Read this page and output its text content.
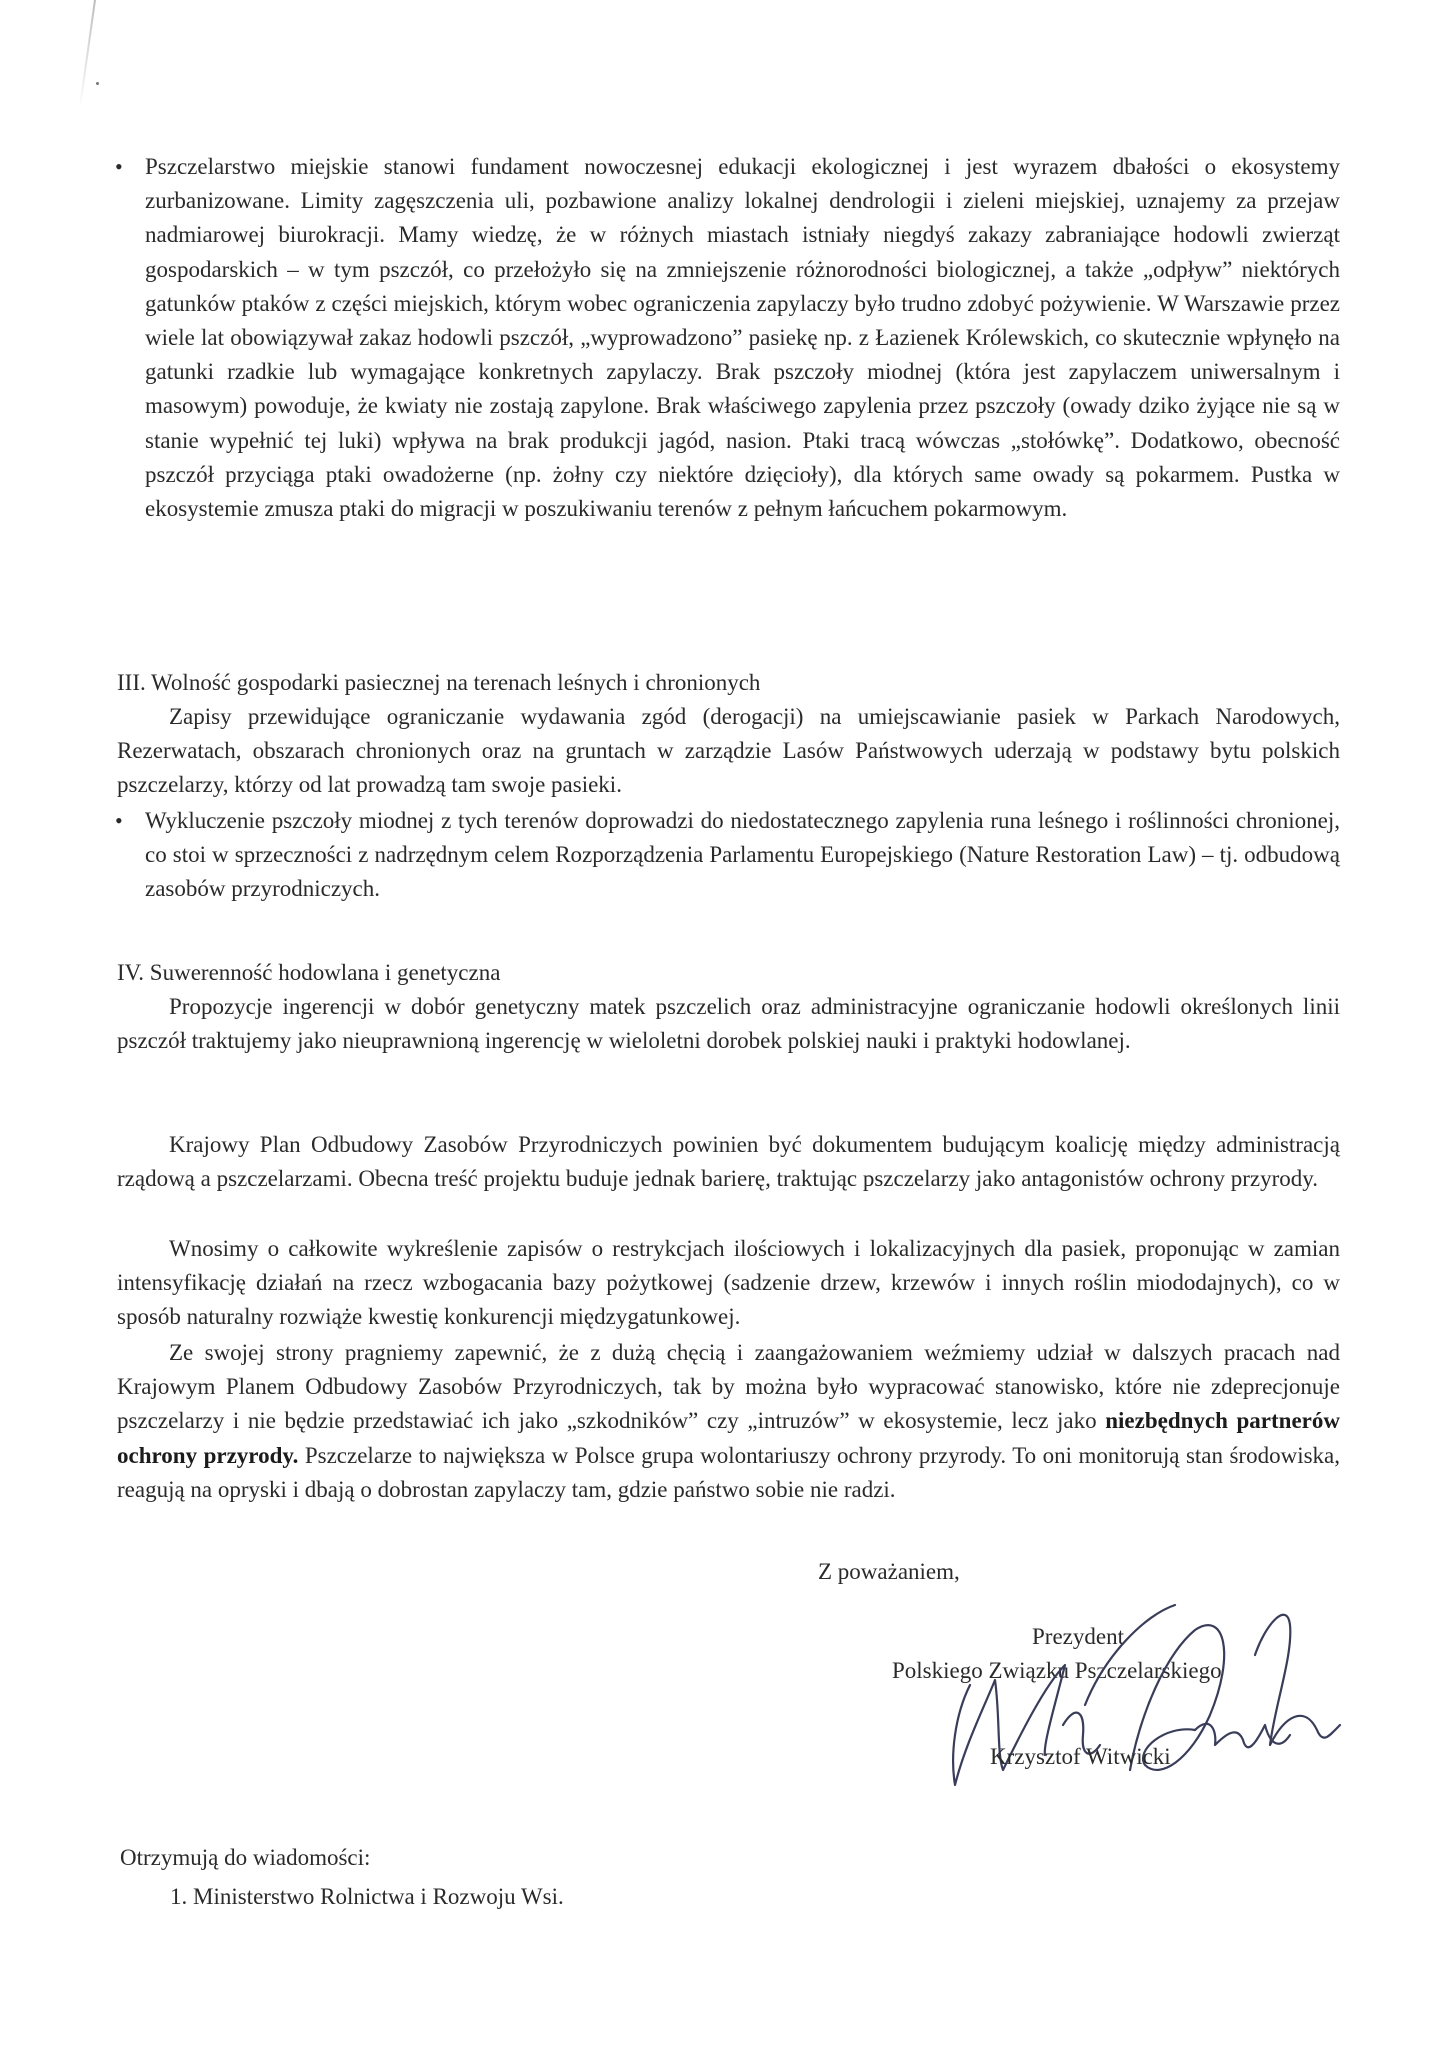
• Pszczelarstwo miejskie stanowi fundament nowoczesnej edukacji ekologicznej i jest wyrazem dbałości o ekosystemy zurbanizowane. Limity zagęszczenia uli, pozbawione analizy lokalnej dendrologii i zieleni miejskiej, uznajemy za przejaw nadmiarowej biurokracji. Mamy wiedzę, że w różnych miastach istniały niegdyś zakazy zabraniające hodowli zwierząt gospodarskich – w tym pszczół, co przełożyło się na zmniejszenie różnorodności biologicznej, a także „odpływ” niektórych gatunków ptaków z części miejskich, którym wobec ograniczenia zapylaczy było trudno zdobyć pożywienie. W Warszawie przez wiele lat obowiązywał zakaz hodowli pszczół, „wyprowadzono” pasiekę np. z Łazienek Królewskich, co skutecznie wpłynęło na gatunki rzadkie lub wymagające konkretnych zapylaczy. Brak pszczoły miodnej (która jest zapylaczem uniwersalnym i masowym) powoduje, że kwiaty nie zostają zapylone. Brak właściwego zapylenia przez pszczoły (owady dziko żyjące nie są w stanie wypełnić tej luki) wpływa na brak produkcji jagód, nasion. Ptaki tracą wówczas „stołówkę”. Dodatkowo, obecność pszczół przyciąga ptaki owadożerne (np. żołny czy niektóre dzięcioły), dla których same owady są pokarmem. Pustka w ekosystemie zmusza ptaki do migracji w poszukiwaniu terenów z pełnym łańcuchem pokarmowym.

III. Wolność gospodarki pasiecznej na terenach leśnych i chronionych

Zapisy przewidujące ograniczanie wydawania zgód (derogacji) na umiejscawianie pasiek w Parkach Narodowych, Rezerwatach, obszarach chronionych oraz na gruntach w zarządzie Lasów Państwowych uderzają w podstawy bytu polskich pszczelarzy, którzy od lat prowadzą tam swoje pasieki.

• Wykluczenie pszczoły miodnej z tych terenów doprowadzi do niedostatecznego zapylenia runa leśnego i roślinności chronionej, co stoi w sprzeczności z nadrzędnym celem Rozporządzenia Parlamentu Europejskiego (Nature Restoration Law) – tj. odbudową zasobów przyrodniczych.

IV. Suwerenność hodowlana i genetyczna

Propozycje ingerencji w dobór genetyczny matek pszczelich oraz administracyjne ograniczanie hodowli określonych linii pszczół traktujemy jako nieuprawnioną ingerencję w wieloletni dorobek polskiej nauki i praktyki hodowlanej.

Krajowy Plan Odbudowy Zasobów Przyrodniczych powinien być dokumentem budującym koalicję między administracją rządową a pszczelarzami. Obecna treść projektu buduje jednak barierę, traktując pszczelarzy jako antagonistów ochrony przyrody.

Wnosimy o całkowite wykreślenie zapisów o restrykcjach ilościowych i lokalizacyjnych dla pasiek, proponując w zamian intensyfikację działań na rzecz wzbogacania bazy pożytkowej (sadzenie drzew, krzewów i innych roślin miododajnych), co w sposób naturalny rozwiąże kwestię konkurencji międzygatunkowej.

Ze swojej strony pragniemy zapewnić, że z dużą chęcią i zaangażowaniem weźmiemy udział w dalszych pracach nad Krajowym Planem Odbudowy Zasobów Przyrodniczych, tak by można było wypracować stanowisko, które nie zdeprecjonuje pszczelarzy i nie będzie przedstawiać ich jako „szkodników” czy „intruzów” w ekosystemie, lecz jako niezbędnych partnerów ochrony przyrody. Pszczelarze to największa w Polsce grupa wolontariuszy ochrony przyrody. To oni monitorują stan środowiska, reagują na opryski i dbają o dobrostan zapylaczy tam, gdzie państwo sobie nie radzi.

Z poważaniem,
Prezydent
Polskiego Związku Pszczelarskiego
Krzysztof Witwicki
Otrzymują do wiadomości:
1. Ministerstwo Rolnictwa i Rozwoju Wsi.
